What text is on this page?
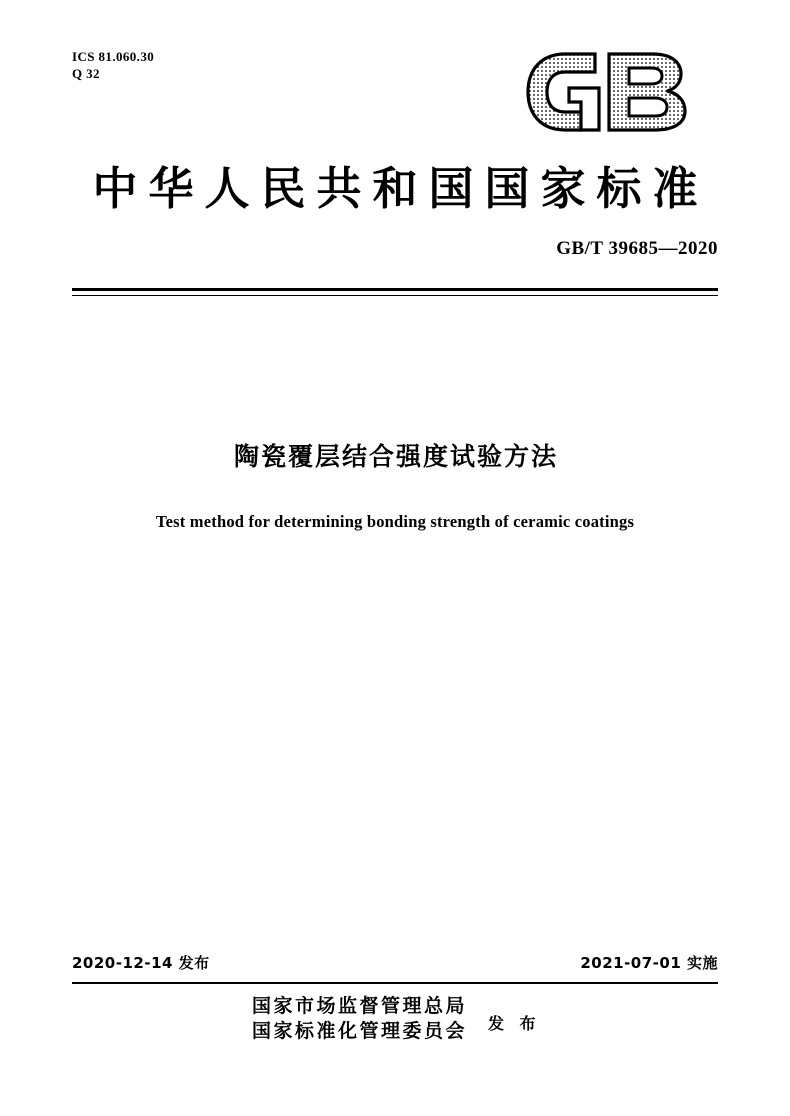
ICS 81.060.30
Q 32
中华人民共和国国家标准
GB/T 39685—2020
陶瓷覆层结合强度试验方法
Test method for determining bonding strength of ceramic coatings
2020-12-14 发布	2021-07-01 实施
国家市场监督管理总局
国家标准化管理委员会	发 布
